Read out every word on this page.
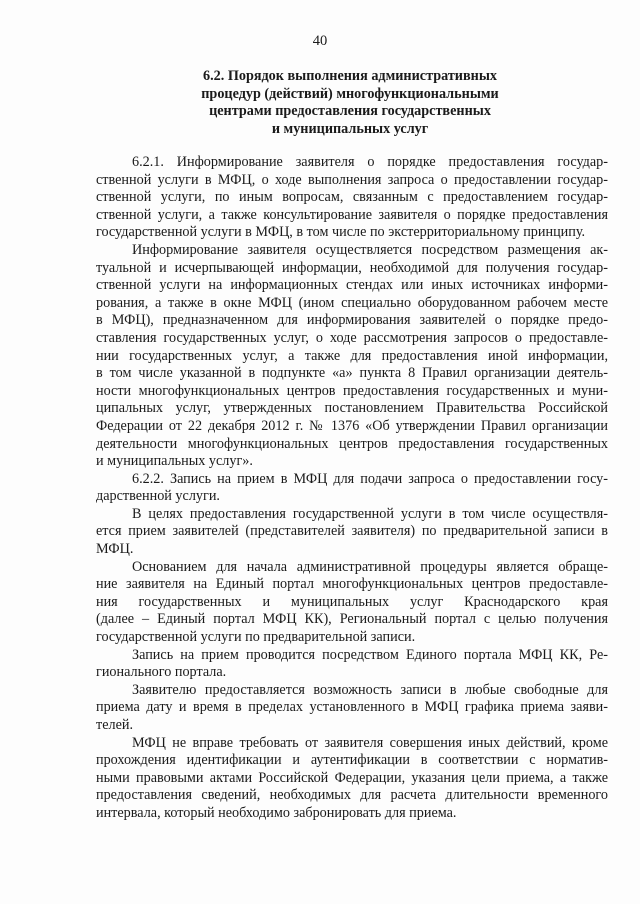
40
6.2. Порядок выполнения административных
процедур (действий) многофункциональными
центрами предоставления государственных
и муниципальных услуг
6.2.1. Информирование заявителя о порядке предоставления государ-
ственной услуги в МФЦ, о ходе выполнения запроса о предоставлении государ-
ственной услуги, по иным вопросам, связанным с предоставлением государ-
ственной услуги, а также консультирование заявителя о порядке предоставления
государственной услуги в МФЦ, в том числе по экстерриториальному принципу.
Информирование заявителя осуществляется посредством размещения ак-
туальной и исчерпывающей информации, необходимой для получения государ-
ственной услуги на информационных стендах или иных источниках информи-
рования, а также в окне МФЦ (ином специально оборудованном рабочем месте
в МФЦ), предназначенном для информирования заявителей о порядке предо-
ставления государственных услуг, о ходе рассмотрения запросов о предоставле-
нии государственных услуг, а также для предоставления иной информации,
в том числе указанной в подпункте «а» пункта 8 Правил организации деятель-
ности многофункциональных центров предоставления государственных и муни-
ципальных услуг, утвержденных постановлением Правительства Российской
Федерации от 22 декабря 2012 г. № 1376 «Об утверждении Правил организации
деятельности многофункциональных центров предоставления государственных
и муниципальных услуг».
6.2.2. Запись на прием в МФЦ для подачи запроса о предоставлении госу-
дарственной услуги.
В целях предоставления государственной услуги в том числе осуществля-
ется прием заявителей (представителей заявителя) по предварительной записи в
МФЦ.
Основанием для начала административной процедуры является обраще-
ние заявителя на Единый портал многофункциональных центров предоставле-
ния государственных и муниципальных услуг Краснодарского края
(далее – Единый портал МФЦ КК), Региональный портал с целью получения
государственной услуги по предварительной записи.
Запись на прием проводится посредством Единого портала МФЦ КК, Ре-
гионального портала.
Заявителю предоставляется возможность записи в любые свободные для
приема дату и время в пределах установленного в МФЦ графика приема заяви-
телей.
МФЦ не вправе требовать от заявителя совершения иных действий, кроме
прохождения идентификации и аутентификации в соответствии с норматив-
ными правовыми актами Российской Федерации, указания цели приема, а также
предоставления сведений, необходимых для расчета длительности временного
интервала, который необходимо забронировать для приема.
